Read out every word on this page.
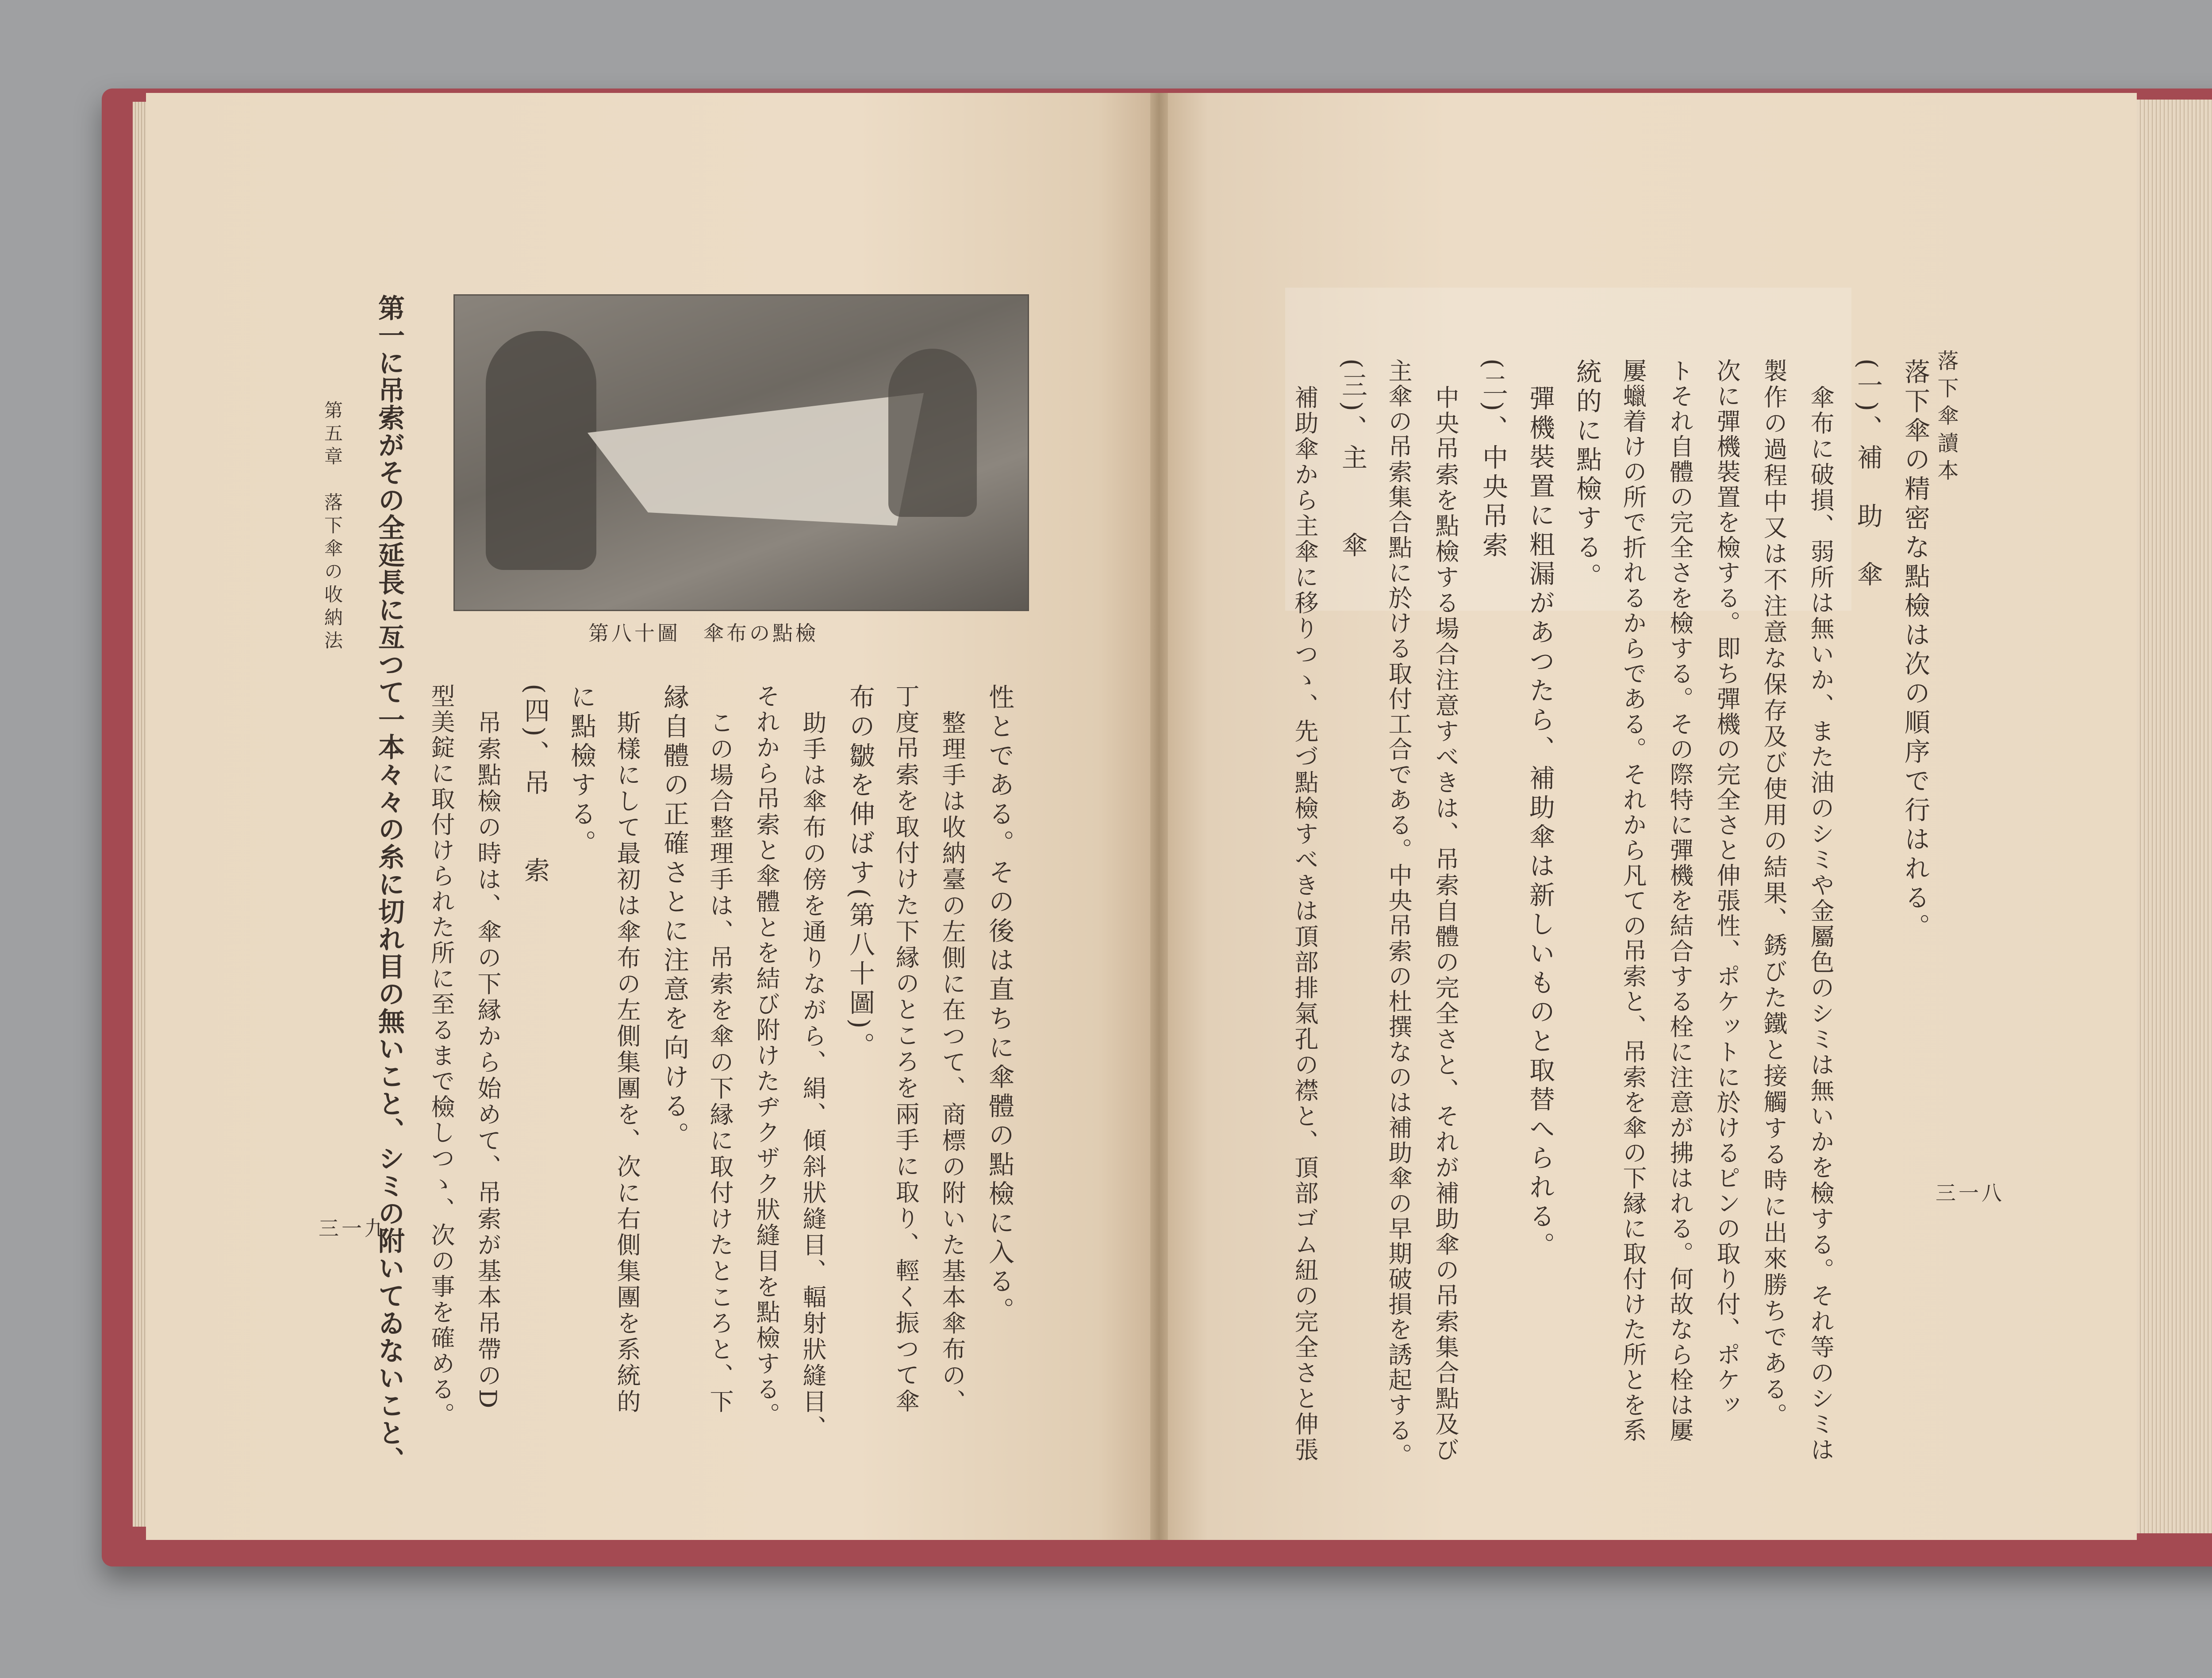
落下傘讀本
三一八
落下傘の精密な點檢は次の順序で行はれる。
(一)、補　助　傘
傘布に破損、弱所は無いか、また油のシミや金屬色のシミは無いかを檢する。それ等のシミは
製作の過程中又は不注意な保存及び使用の結果、銹びた鐵と接觸する時に出來勝ちである。
次に彈機裝置を檢する。即ち彈機の完全さと伸張性、ポケットに於けるピンの取り付、ポケッ
トそれ自體の完全さを檢する。その際特に彈機を結合する栓に注意が拂はれる。何故なら栓は屢
屢蠟着けの所で折れるからである。それから凡ての吊索と、吊索を傘の下縁に取付けた所とを系
統的に點檢する。
彈機裝置に粗漏があつたら、補助傘は新しいものと取替へられる。
(二)、中央吊索
中央吊索を點檢する場合注意すべきは、吊索自體の完全さと、それが補助傘の吊索集合點及び
主傘の吊索集合點に於ける取付工合である。中央吊索の杜撰なのは補助傘の早期破損を誘起する。
(三)、主　　傘
補助傘から主傘に移りつゝ、先づ點檢すべきは頂部排氣孔の襟と、頂部ゴム紐の完全さと伸張
第八十圖　傘布の點檢
第五章　落下傘の收納法
三一九	性とである。その後は直ちに傘體の點檢に入る。
整理手は收納臺の左側に在つて、商標の附いた基本傘布の、
丁度吊索を取付けた下縁のところを兩手に取り、輕く振つて傘
布の皺を伸ばす(第八十圖)。
助手は傘布の傍を通りながら、絹、傾斜狀縫目、輻射狀縫目、
それから吊索と傘體とを結び附けたヂクザク狀縫目を點檢する。
この場合整理手は、吊索を傘の下縁に取付けたところと、下
縁自體の正確さとに注意を向ける。
斯樣にして最初は傘布の左側集團を、次に右側集團を系統的
に點檢する。
(四)、吊　　索
吊索點檢の時は、傘の下縁から始めて、吊索が基本吊帶のD
型美錠に取付けられた所に至るまで檢しつゝ、次の事を確める。
第一に吊索がその全延長に亙つて一本々々の糸に切れ目の無いこと、シミの附いてゐないこと、
